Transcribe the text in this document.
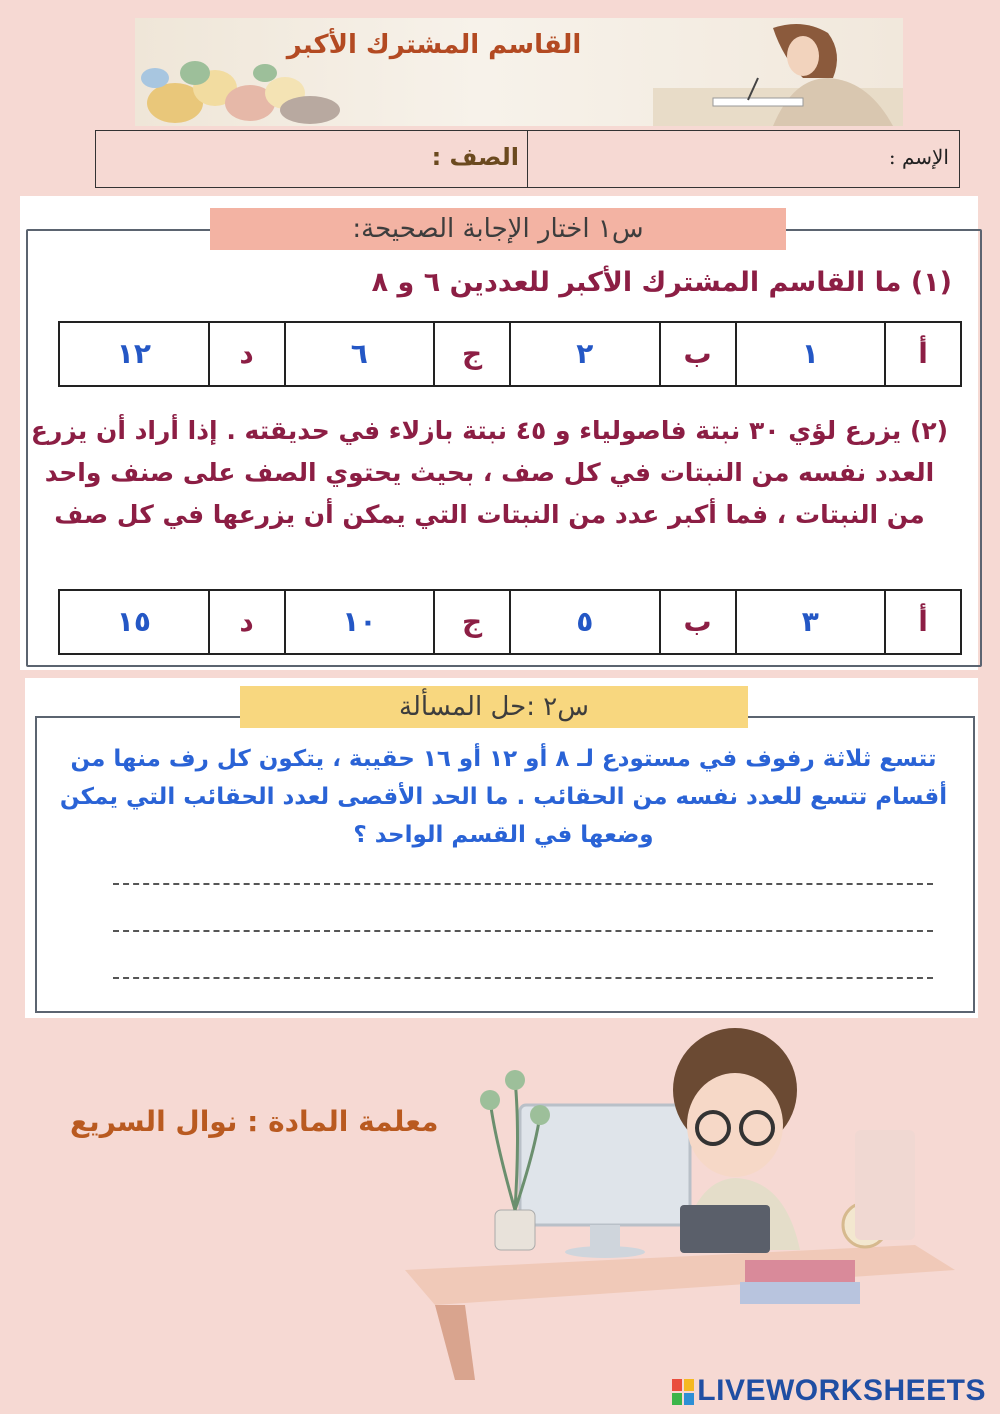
القاسم المشترك الأكبر
الإسم :
الصف :
س١ اختار الإجابة الصحيحة:
(١) ما القاسم المشترك الأكبر للعددين ٦ و ٨
أ
١
ب
٢
ج
٦
د
١٢
(٢) يزرع لؤي ٣٠ نبتة فاصولياء و ٤٥ نبتة بازلاء في حديقته . إذا أراد أن يزرع العدد نفسه من النبتات في كل صف ، بحيث يحتوي الصف على صنف واحد من النبتات ، فما أكبر عدد من النبتات التي يمكن أن يزرعها في كل صف
أ
٣
ب
٥
ج
١٠
د
١٥
س٢ :حل المسألة
تتسع ثلاثة رفوف في مستودع لـ ٨ أو ١٢ أو ١٦ حقيبة ، يتكون كل رف منها من أقسام تتسع للعدد نفسه من الحقائب . ما الحد الأقصى لعدد الحقائب التي يمكن وضعها في القسم الواحد ؟
معلمة المادة : نوال السريع
LIVEWORKSHEETS
